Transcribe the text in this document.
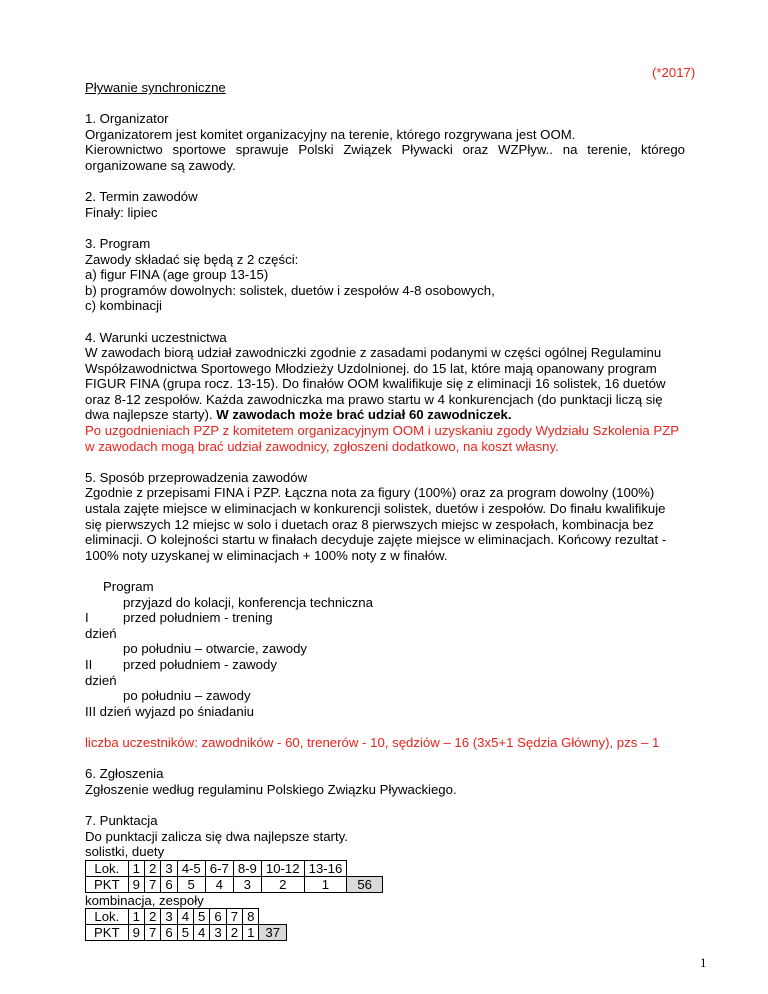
(*2017)

Pływanie synchroniczne

1. Organizator

Organizatorem jest komitet organizacyjny na terenie, którego rozgrywana jest OOM.

Kierownictwo sportowe sprawuje Polski Związek Pływacki oraz WZPływ.. na terenie, którego organizowane są zawody.

2. Termin zawodów

Finały: lipiec

3. Program

Zawody składać się będą z 2 części:

a) figur FINA (age group 13-15)

b) programów dowolnych: solistek, duetów i zespołów 4-8 osobowych,

c) kombinacji

4. Warunki uczestnictwa

W zawodach biorą udział zawodniczki zgodnie z zasadami podanymi w części ogólnej Regulaminu Współzawodnictwa Sportowego Młodzieży Uzdolnionej. do 15 lat, które mają opanowany program FIGUR FINA (grupa rocz. 13-15). Do finałów OOM kwalifikuje się z eliminacji 16 solistek, 16 duetów oraz 8-12 zespołów. Każda zawodniczka ma prawo startu w 4 konkurencjach (do punktacji liczą się dwa najlepsze starty). W zawodach może brać udział 60 zawodniczek.

Po uzgodnieniach PZP z komitetem organizacyjnym OOM i uzyskaniu zgody Wydziału Szkolenia PZP w zawodach mogą brać udział zawodnicy, zgłoszeni dodatkowo, na koszt własny.

5. Sposób przeprowadzenia zawodów

Zgodnie z przepisami FINA i PZP. Łączna nota za figury (100%) oraz za program dowolny (100%) ustala zajęte miejsce w eliminacjach w konkurencji solistek, duetów i zespołów. Do finału kwalifikuje się pierwszych 12 miejsc w solo i duetach oraz 8 pierwszych miejsc w zespołach, kombinacja bez eliminacji. O kolejności startu w finałach decyduje zajęte miejsce w eliminacjach. Końcowy rezultat - 100% noty uzyskanej w eliminacjach + 100% noty z w finałów.

Program

przyjazd do kolacji, konferencja techniczna
I dzień
przed południem - trening
po południu – otwarcie, zawody
II dzień
przed południem - zawody
po południu – zawody
III dzień wyjazd po śniadaniu

liczba uczestników: zawodników - 60, trenerów - 10, sędziów – 16 (3x5+1 Sędzia Główny), pzs – 1

6. Zgłoszenia

Zgłoszenie według regulaminu Polskiego Związku Pływackiego.

7. Punktacja

Do punktacji zalicza się dwa najlepsze starty.

solistki, duety

Lok.	1	2	3	4-5	6-7	8-9	10-12	13-16	
PKT	9	7	6	5	4	3	2	1	56

kombinacja, zespoły

Lok.	1	2	3	4	5	6	7	8	
PKT	9	7	6	5	4	3	2	1	37
1
